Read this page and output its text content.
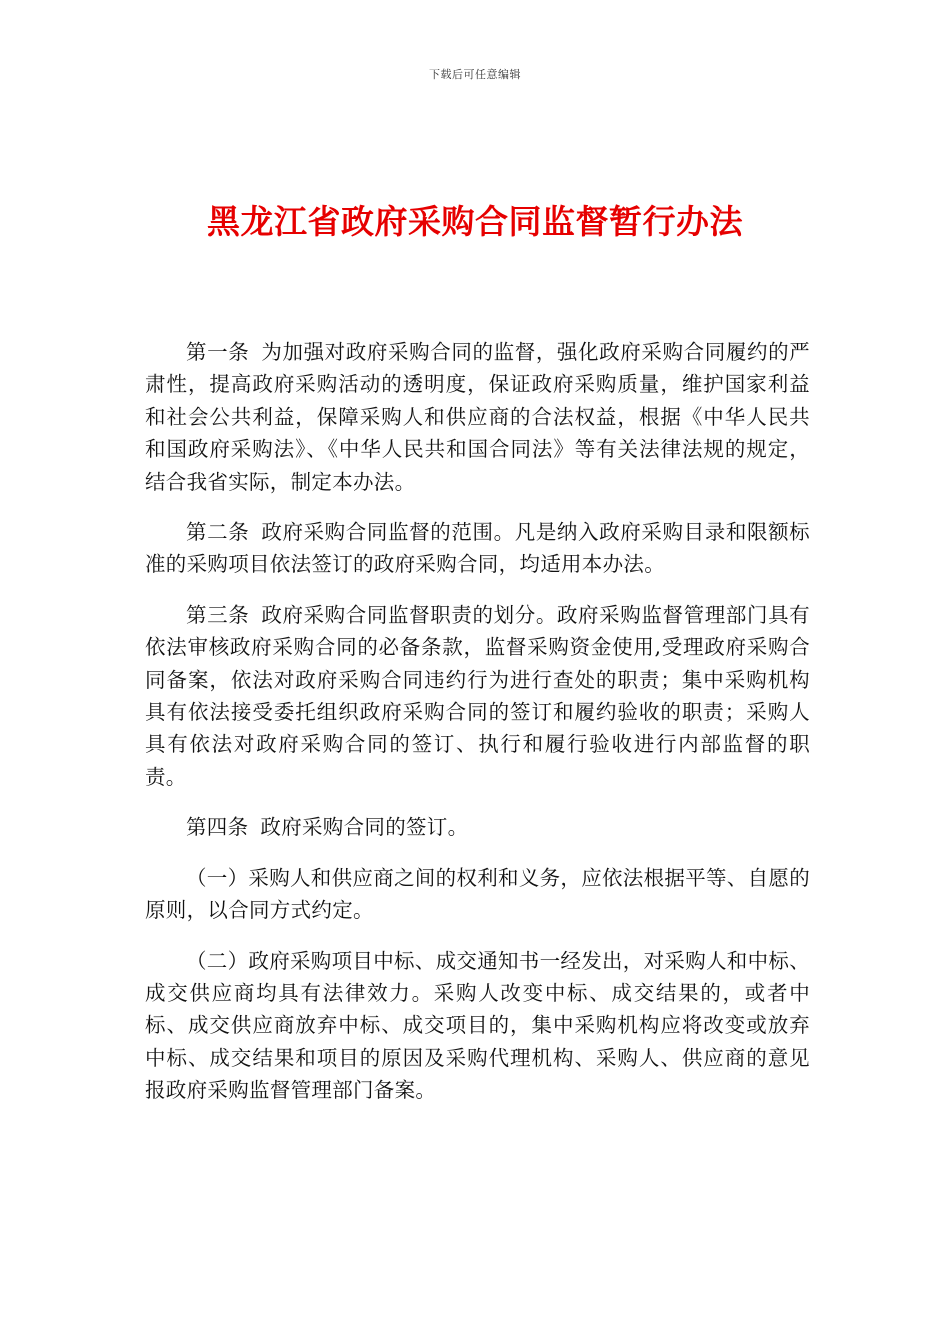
下载后可任意编辑
黑龙江省政府采购合同监督暂行办法

第一条 为加强对政府采购合同的监督，强化政府采购合同履约的严肃性，提高政府采购活动的透明度，保证政府采购质量，维护国家利益和社会公共利益，保障采购人和供应商的合法权益，根据《中华人民共和国政府采购法》、《中华人民共和国合同法》等有关法律法规的规定，结合我省实际，制定本办法。

第二条 政府采购合同监督的范围。凡是纳入政府采购目录和限额标准的采购项目依法签订的政府采购合同，均适用本办法。

第三条 政府采购合同监督职责的划分。政府采购监督管理部门具有依法审核政府采购合同的必备条款，监督采购资金使用,受理政府采购合同备案，依法对政府采购合同违约行为进行查处的职责；集中采购机构具有依法接受委托组织政府采购合同的签订和履约验收的职责；采购人具有依法对政府采购合同的签订、执行和履行验收进行内部监督的职责。

第四条 政府采购合同的签订。

（一）采购人和供应商之间的权利和义务，应依法根据平等、自愿的原则，以合同方式约定。

（二）政府采购项目中标、成交通知书一经发出，对采购人和中标、成交供应商均具有法律效力。采购人改变中标、成交结果的，或者中标、成交供应商放弃中标、成交项目的，集中采购机构应将改变或放弃中标、成交结果和项目的原因及采购代理机构、采购人、供应商的意见报政府采购监督管理部门备案。
